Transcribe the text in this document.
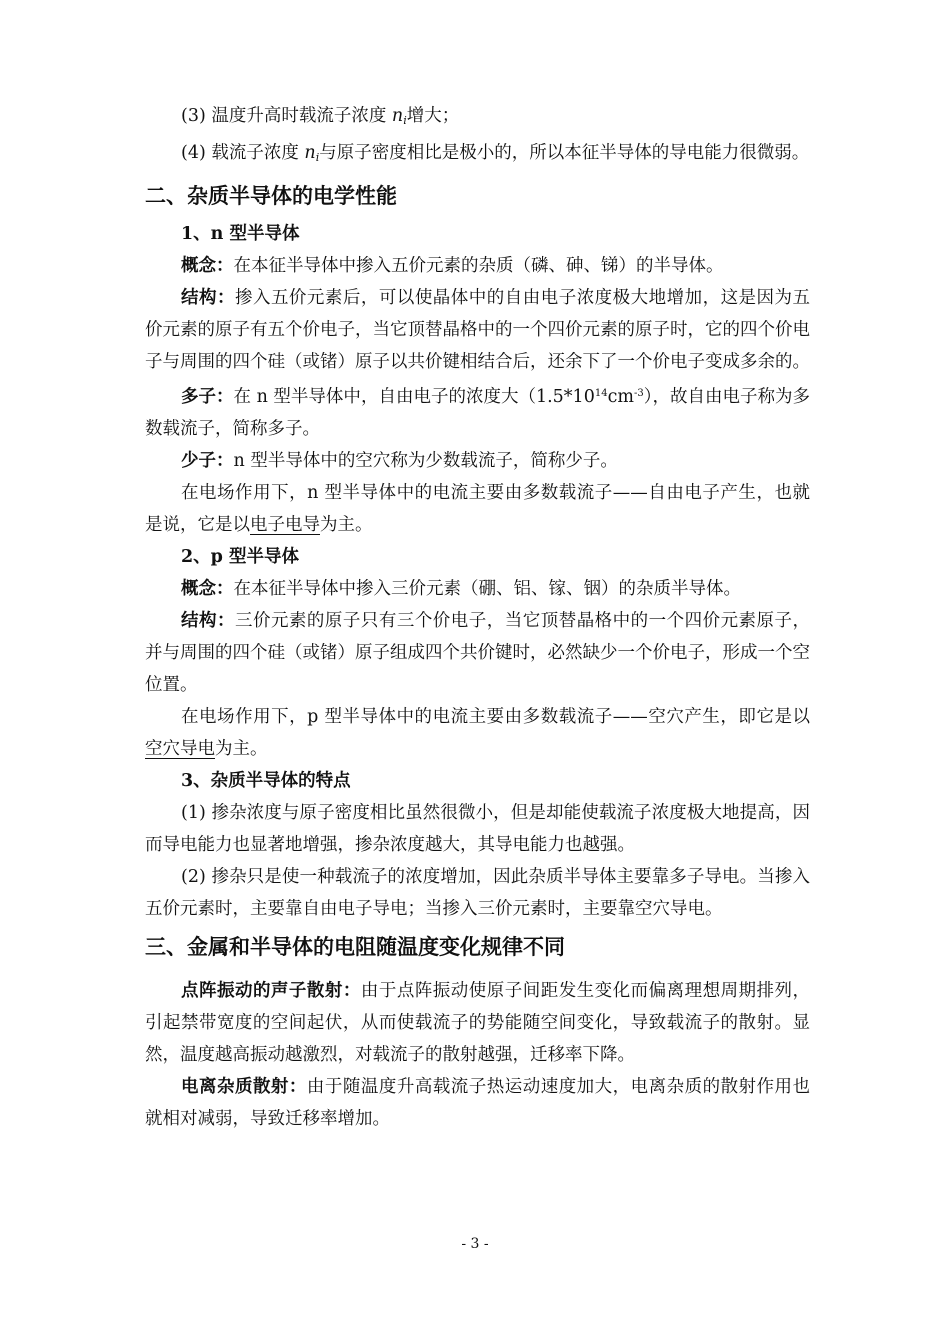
(3) 温度升高时载流子浓度 ni增大；

(4) 载流子浓度 ni与原子密度相比是极小的，所以本征半导体的导电能力很微弱。

二、杂质半导体的电学性能
1、n 型半导体

概念：在本征半导体中掺入五价元素的杂质（磷、砷、锑）的半导体。

结构：掺入五价元素后，可以使晶体中的自由电子浓度极大地增加，这是因为五价元素的原子有五个价电子，当它顶替晶格中的一个四价元素的原子时，它的四个价电子与周围的四个硅（或锗）原子以共价键相结合后，还余下了一个价电子变成多余的。

多子：在 n 型半导体中，自由电子的浓度大$(1.5*10^{14}cm^{-3})$，故自由电子称为多数载流子，简称多子。

少子：n 型半导体中的空穴称为少数载流子，简称少子。

在电场作用下，n 型半导体中的电流主要由多数载流子——自由电子产生，也就是说，它是以电子电导为主。

2、p 型半导体

概念：在本征半导体中掺入三价元素（硼、铝、镓、铟）的杂质半导体。

结构：三价元素的原子只有三个价电子，当它顶替晶格中的一个四价元素原子，并与周围的四个硅（或锗）原子组成四个共价键时，必然缺少一个价电子，形成一个空位置。

在电场作用下，p 型半导体中的电流主要由多数载流子——空穴产生，即它是以空穴导电为主。

3、杂质半导体的特点

(1) 掺杂浓度与原子密度相比虽然很微小，但是却能使载流子浓度极大地提高，因而导电能力也显著地增强，掺杂浓度越大，其导电能力也越强。

(2) 掺杂只是使一种载流子的浓度增加，因此杂质半导体主要靠多子导电。当掺入五价元素时，主要靠自由电子导电；当掺入三价元素时，主要靠空穴导电。

三、金属和半导体的电阻随温度变化规律不同

点阵振动的声子散射：由于点阵振动使原子间距发生变化而偏离理想周期排列，引起禁带宽度的空间起伏，从而使载流子的势能随空间变化，导致载流子的散射。显然，温度越高振动越激烈，对载流子的散射越强，迁移率下降。

电离杂质散射：由于随温度升高载流子热运动速度加大，电离杂质的散射作用也就相对减弱，导致迁移率增加。

- 3 -
